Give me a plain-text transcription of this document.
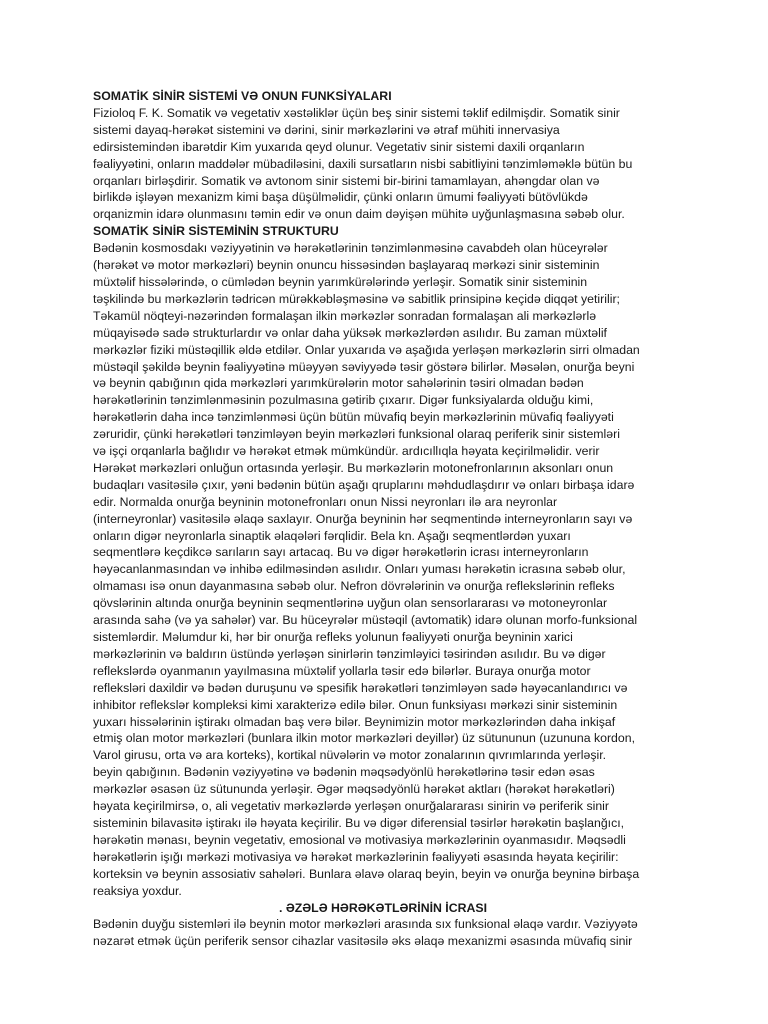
SOMATİK SİNİR SİSTEMİ VƏ ONUN FUNKSİYALARI

Fizioloq F. K. Somatik və vegetativ xəstəliklər üçün beş sinir sistemi təklif edilmişdir. Somatik sinir
sistemi dayaq-hərəkət sistemini və dərini, sinir mərkəzlərini və ətraf mühiti innervasiya
edirsistemindən ibarətdir Kim yuxarıda qeyd olunur. Vegetativ sinir sistemi daxili orqanların
fəaliyyətini, onların maddələr mübadiləsini, daxili sursatların nisbi sabitliyini tənzimləməklə bütün bu
orqanları birləşdirir. Somatik və avtonom sinir sistemi bir-birini tamamlayan, ahəngdar olan və
birlikdə işləyən mexanizm kimi başa düşülməlidir, çünki onların ümumi fəaliyyəti bütövlükdə
orqanizmin idarə olunmasını təmin edir və onun daim dəyişən mühitə uyğunlaşmasına səbəb olur.

SOMATİK SİNİR SİSTEMİNİN STRUKTURU

Bədənin kosmosdakı vəziyyətinin və hərəkətlərinin tənzimlənməsinə cavabdeh olan hüceyrələr
(hərəkət və motor mərkəzləri) beynin onuncu hissəsindən başlayaraq mərkəzi sinir sisteminin
müxtəlif hissələrində, o cümlədən beynin yarımkürələrində yerləşir. Somatik sinir sisteminin
təşkilində bu mərkəzlərin tədricən mürəkkəbləşməsinə və sabitlik prinsipinə keçidə diqqət yetirilir;
Təkamül nöqteyi-nəzərindən formalaşan ilkin mərkəzlər sonradan formalaşan ali mərkəzlərlə
müqayisədə sadə strukturlardır və onlar daha yüksək mərkəzlərdən asılıdır. Bu zaman müxtəlif
mərkəzlər fiziki müstəqillik əldə etdilər. Onlar yuxarıda və aşağıda yerləşən mərkəzlərin sirri olmadan
müstəqil şəkildə beynin fəaliyyətinə müəyyən səviyyədə təsir göstərə bilirlər. Məsələn, onurğa beyni
və beynin qabığının qida mərkəzləri yarımkürələrin motor sahələrinin təsiri olmadan bədən
hərəkətlərinin tənzimlənməsinin pozulmasına gətirib çıxarır. Digər funksiyalarda olduğu kimi,
hərəkətlərin daha incə tənzimlənməsi üçün bütün müvafiq beyin mərkəzlərinin müvafiq fəaliyyəti
zəruridir, çünki hərəkətləri tənzimləyən beyin mərkəzləri funksional olaraq periferik sinir sistemləri
və işçi orqanlarla bağlıdır və hərəkət etmək mümkündür. ardıcıllıqla həyata keçirilməlidir. verir
Hərəkət mərkəzləri onluğun ortasında yerləşir. Bu mərkəzlərin motonefronlarının aksonları onun
budaqları vasitəsilə çıxır, yəni bədənin bütün aşağı qruplarını məhdudlaşdırır və onları birbaşa idarə
edir. Normalda onurğa beyninin motonefronları onun Nissi neyronları ilə ara neyronlar
(interneyronlar) vasitəsilə əlaqə saxlayır. Onurğa beyninin hər seqmentində interneyronların sayı və
onların digər neyronlarla sinaptik əlaqələri fərqlidir. Bela kn. Aşağı seqmentlərdən yuxarı
seqmentlərə keçdikcə sarıların sayı artacaq. Bu və digər hərəkətlərin icrası interneyronların
həyəcanlanmasından və inhibə edilməsindən asılıdır. Onları yuması hərəkətin icrasına səbəb olur,
olmaması isə onun dayanmasına səbəb olur. Nefron dövrələrinin və onurğa reflekslərinin refleks
qövslərinin altında onurğa beyninin seqmentlərinə uyğun olan sensorlararası və motoneyronlar
arasında sahə (və ya sahələr) var. Bu hüceyrələr müstəqil (avtomatik) idarə olunan morfo-funksional
sistemlərdir. Məlumdur ki, hər bir onurğa refleks yolunun fəaliyyəti onurğa beyninin xarici
mərkəzlərinin və baldırın üstündə yerləşən sinirlərin tənzimləyici təsirindən asılıdır. Bu və digər
reflekslərdə oyanmanın yayılmasına müxtəlif yollarla təsir edə bilərlər. Buraya onurğa motor
refleksləri daxildir və bədən duruşunu və spesifik hərəkətləri tənzimləyən sadə həyəcanlandırıcı və
inhibitor reflekslər kompleksi kimi xarakterizə edilə bilər. Onun funksiyası mərkəzi sinir sisteminin
yuxarı hissələrinin iştirakı olmadan baş verə bilər. Beynimizin motor mərkəzlərindən daha inkişaf
etmiş olan motor mərkəzləri (bunlara ilkin motor mərkəzləri deyillər) üz sütununun (uzununa kordon,
Varol girusu, orta və ara korteks), kortikal nüvələrin və motor zonalarının qıvrımlarında yerləşir.
beyin qabığının. Bədənin vəziyyətinə və bədənin məqsədyönlü hərəkətlərinə təsir edən əsas
mərkəzlər əsasən üz sütununda yerləşir. Əgər məqsədyönlü hərəkət aktları (hərəkət hərəkətləri)
həyata keçirilmirsə, o, ali vegetativ mərkəzlərdə yerləşən onurğalararası sinirin və periferik sinir
sisteminin bilavasitə iştirakı ilə həyata keçirilir. Bu və digər diferensial təsirlər hərəkətin başlanğıcı,
hərəkətin mənası, beynin vegetativ, emosional və motivasiya mərkəzlərinin oyanmasıdır. Məqsədli
hərəkətlərin işığı mərkəzi motivasiya və hərəkət mərkəzlərinin fəaliyyəti əsasında həyata keçirilir:
korteksin və beynin assosiativ sahələri. Bunlara əlavə olaraq beyin, beyin və onurğa beyninə birbaşa
reaksiya yoxdur.

. ƏZƏLƏ HƏRƏKƏTLƏRİNİN İCRASI

Bədənin duyğu sistemləri ilə beynin motor mərkəzləri arasında sıx funksional əlaqə vardır. Vəziyyətə
nəzarət etmək üçün periferik sensor cihazlar vasitəsilə əks əlaqə mexanizmi əsasında müvafiq sinir
